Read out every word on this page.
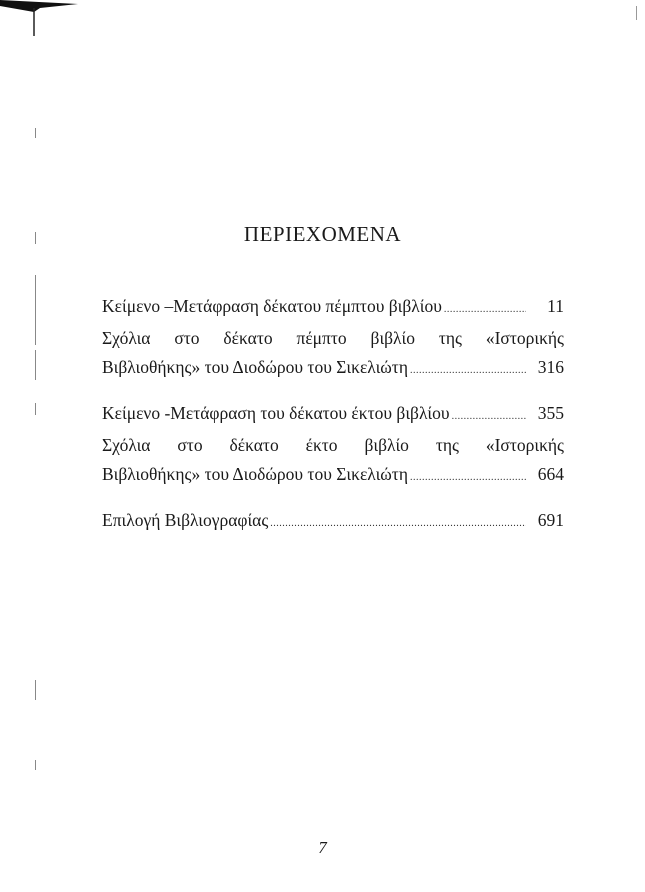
ΠΕΡΙΕΧΟΜΕΝΑ
Κείμενο –Μετάφραση δέκατου πέμπτου βιβλίου .....	11
Σχόλια στο δέκατο πέμπτο βιβλίο της «Ιστορικής
Βιβλιοθήκης» του Διοδώρου του Σικελιώτη .....	316
Κείμενο -Μετάφραση του δέκατου έκτου βιβλίου .....	355
Σχόλια στο δέκατο έκτο βιβλίο της «Ιστορικής
Βιβλιοθήκης» του Διοδώρου του Σικελιώτη .....	664
Επιλογή Βιβλιογραφίας .....	691
7
